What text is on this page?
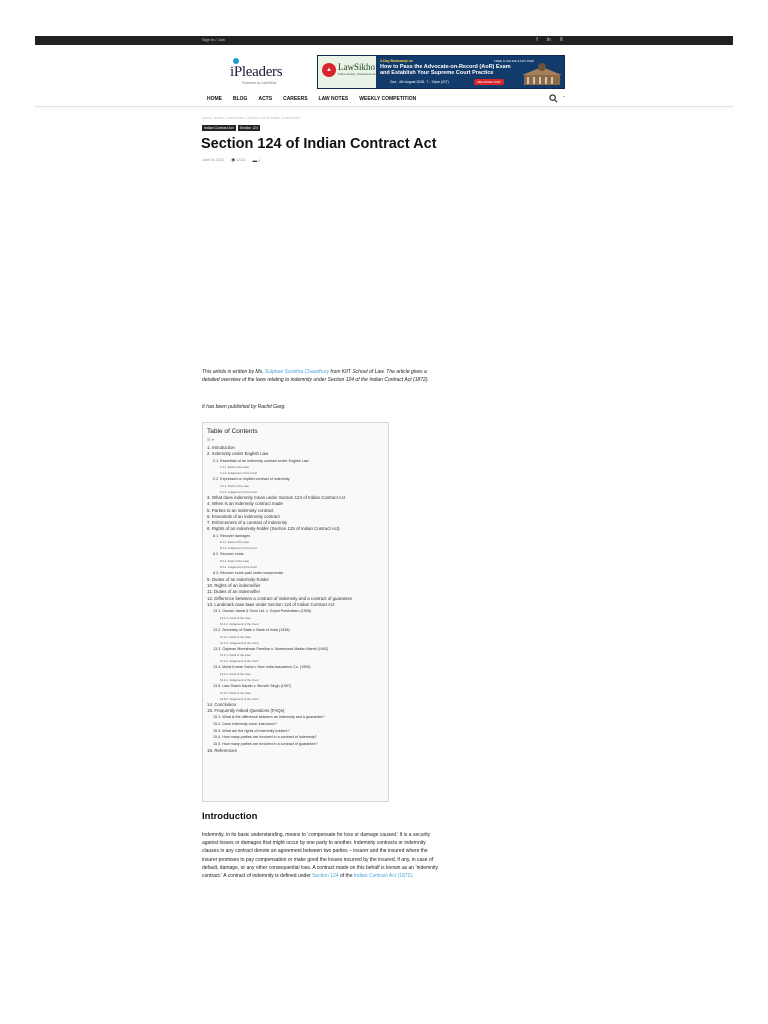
Sign in / Join	f in X
iPleaders
Powered by LawSikho
▲ LawSikho
Online learning · Professional results
3-Day Bootcamp on	FREE & ONLINE 3-DAY PAID
How to Pass the Advocate-on-Record (AoR) Exam
and Establish Your Supreme Court Practice
2nd - 4th August 2025, 7 - 10pm (IST)	REGISTER NOW
HOME BLOG ACTS CAREERS LAW NOTES WEEKLY COMPETITION	-
Home › Indian Contract Act › Section 124 of Indian Contract Act
Indian Contract Act	Section 124
Section 124 of Indian Contract Act
June 24, 2022 ◉ 12114 ▬ 0

This article is written by Ms. Sulphee Surekha Chaudhury from KIIT School of Law. The article gives a detailed overview of the laws relating to indemnity under Section 124 of the Indian Contract Act (1872).

It has been published by Rachit Garg.

Table of Contents
☰ ▾
1. Introduction
2. Indemnity under English Law
2.1. Essentials of an indemnity contract under English Law
2.1.1. Facts of the case
2.1.2. Judgement of the Court
2.2. Expressed or implied contract of indemnity
2.2.1. Facts of the case
2.2.2. Judgement of the Court
3. What does indemnity mean under Section 124 of Indian Contract Act
4. When is an indemnity contract made
5. Parties to an indemnity contract
6. Essentials of an indemnity contract
7. Enforcement of a contract of indemnity
8. Rights of an indemnity-holder (Section 125 of Indian Contract Act)
8.1. Recover damages
8.1.1. Facts of the case
8.1.2. Judgement of the Court
8.2. Recover costs
8.2.1. Facts of the case
8.2.2. Judgement of the Court
8.3. Recover sums paid under compromise
9. Duties of an indemnity-holder
10. Rights of an indemnifier
11. Duties of an indemnifier
12. Difference between a contract of indemnity and a contract of guarantee
13. Landmark case laws under Section 124 of Indian Contract Act
13.1. Osman Jamal & Sons Ltd. v. Gopal Purshottam (1928)
13.1.1. Facts of the case
13.1.2. Judgement of the Court
13.2. Secretary of State v. Bank of India (1938)
13.2.1. Facts of the case
13.2.2. Judgement of the Court
13.3. Gajanan Moreshwar Parelkar v. Moreshwar Madan Mantri (1942)
13.3.1. Facts of the case
13.3.2. Judgement of the Court
13.4. Mohit Kumar Saha v. New India Assurance Co. (1996)
13.4.1. Facts of the case
13.4.2. Judgement of the Court
13.5. Lala Shiam Narain v. Munshi Singh (1967)
13.5.1. Facts of the case
13.5.2. Judgement of the Court
14. Conclusion
15. Frequently Asked Questions (FAQs)
15.1. What is the difference between an indemnity and a guarantee?
15.2. Does indemnity cover insurance?
15.3. What are the rights of indemnity holders?
15.4. How many parties are involved in a contract of indemnity?
15.5. How many parties are involved in a contract of guarantee?
16. References
Introduction

Indemnity, in its basic understanding, means to ‘compensate for loss or damage caused.’ It is a security against losses or damages that might occur by one party to another. Indemnity contracts or indemnity clauses in any contract denote an agreement between two parties – insurer and the insured where the insurer promises to pay compensation or make good the losses incurred by the insured, if any, in case of default, damage, or any other consequential loss. A contract made on this behalf is known as an ‘indemnity contract.’ A contract of indemnity is defined under Section 124 of the Indian Contract Act (1872).
